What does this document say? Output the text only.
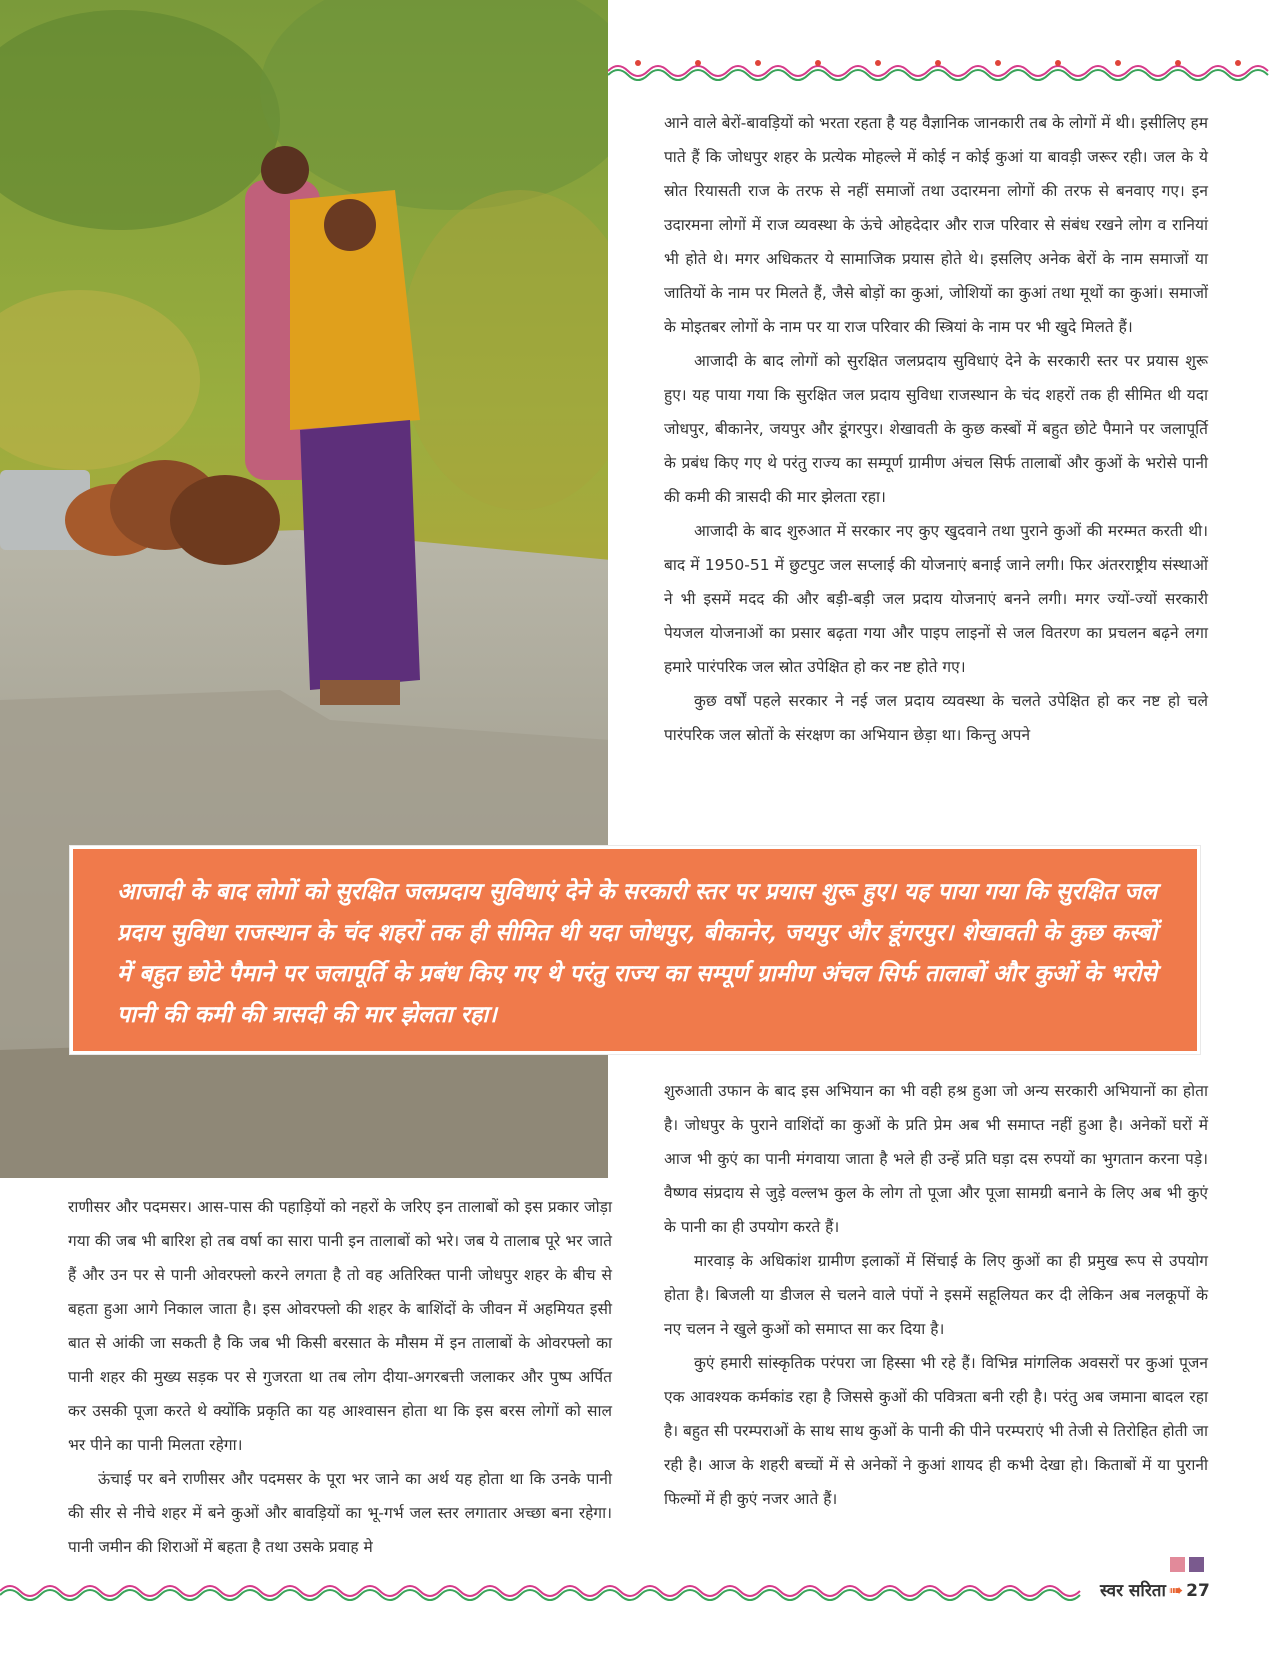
आने वाले बेरों-बावड़ियों को भरता रहता है यह वैज्ञानिक जानकारी तब के लोगों में थी। इसीलिए हम पाते हैं कि जोधपुर शहर के प्रत्येक मोहल्ले में कोई न कोई कुआं या बावड़ी जरूर रही। जल के ये स्रोत रियासती राज के तरफ से नहीं समाजों तथा उदारमना लोगों की तरफ से बनवाए गए। इन उदारमना लोगों में राज व्यवस्था के ऊंचे ओहदेदार और राज परिवार से संबंध रखने लोग व रानियां भी होते थे। मगर अधिकतर ये सामाजिक प्रयास होते थे। इसलिए अनेक बेरों के नाम समाजों या जातियों के नाम पर मिलते हैं, जैसे बोड़ों का कुआं, जोशियों का कुआं तथा मूथों का कुआं। समाजों के मोइतबर लोगों के नाम पर या राज परिवार की स्त्रियां के नाम पर भी खुदे मिलते हैं।

आजादी के बाद लोगों को सुरक्षित जलप्रदाय सुविधाएं देने के सरकारी स्तर पर प्रयास शुरू हुए। यह पाया गया कि सुरक्षित जल प्रदाय सुविधा राजस्थान के चंद शहरों तक ही सीमित थी यदा जोधपुर, बीकानेर, जयपुर और डूंगरपुर। शेखावती के कुछ कस्बों में बहुत छोटे पैमाने पर जलापूर्ति के प्रबंध किए गए थे परंतु राज्य का सम्पूर्ण ग्रामीण अंचल सिर्फ तालाबों और कुओं के भरोसे पानी की कमी की त्रासदी की मार झेलता रहा।

आजादी के बाद शुरुआत में सरकार नए कुए खुदवाने तथा पुराने कुओं की मरम्मत करती थी। बाद में 1950-51 में छुटपुट जल सप्लाई की योजनाएं बनाई जाने लगी। फिर अंतरराष्ट्रीय संस्थाओं ने भी इसमें मदद की और बड़ी-बड़ी जल प्रदाय योजनाएं बनने लगी। मगर ज्यों-ज्यों सरकारी पेयजल योजनाओं का प्रसार बढ़ता गया और पाइप लाइनों से जल वितरण का प्रचलन बढ़ने लगा हमारे पारंपरिक जल स्रोत उपेक्षित हो कर नष्ट होते गए।

कुछ वर्षों पहले सरकार ने नई जल प्रदाय व्यवस्था के चलते उपेक्षित हो कर नष्ट हो चले पारंपरिक जल स्रोतों के संरक्षण का अभियान छेड़ा था। किन्तु अपने

आजादी के बाद लोगों को सुरक्षित जलप्रदाय सुविधाएं देने के सरकारी स्तर पर प्रयास शुरू हुए। यह पाया गया कि सुरक्षित जल प्रदाय सुविधा राजस्थान के चंद शहरों तक ही सीमित थी यदा जोधपुर, बीकानेर, जयपुर और डूंगरपुर। शेखावती के कुछ कस्बों में बहुत छोटे पैमाने पर जलापूर्ति के प्रबंध किए गए थे परंतु राज्य का सम्पूर्ण ग्रामीण अंचल सिर्फ तालाबों और कुओं के भरोसे पानी की कमी की त्रासदी की मार झेलता रहा।

शुरुआती उफान के बाद इस अभियान का भी वही हश्र हुआ जो अन्य सरकारी अभियानों का होता है। जोधपुर के पुराने वाशिंदों का कुओं के प्रति प्रेम अब भी समाप्त नहीं हुआ है। अनेकों घरों में आज भी कुएं का पानी मंगवाया जाता है भले ही उन्हें प्रति घड़ा दस रुपयों का भुगतान करना पड़े। वैष्णव संप्रदाय से जुड़े वल्लभ कुल के लोग तो पूजा और पूजा सामग्री बनाने के लिए अब भी कुएं के पानी का ही उपयोग करते हैं।

मारवाड़ के अधिकांश ग्रामीण इलाकों में सिंचाई के लिए कुओं का ही प्रमुख रूप से उपयोग होता है। बिजली या डीजल से चलने वाले पंपों ने इसमें सहूलियत कर दी लेकिन अब नलकूपों के नए चलन ने खुले कुओं को समाप्त सा कर दिया है।

कुएं हमारी सांस्कृतिक परंपरा जा हिस्सा भी रहे हैं। विभिन्न मांगलिक अवसरों पर कुआं पूजन एक आवश्यक कर्मकांड रहा है जिससे कुओं की पवित्रता बनी रही है। परंतु अब जमाना बादल रहा है। बहुत सी परम्पराओं के साथ साथ कुओं के पानी की पीने परम्पराएं भी तेजी से तिरोहित होती जा रही है। आज के शहरी बच्चों में से अनेकों ने कुआं शायद ही कभी देखा हो। किताबों में या पुरानी फिल्मों में ही कुएं नजर आते हैं।

राणीसर और पदमसर। आस-पास की पहाड़ियों को नहरों के जरिए इन तालाबों को इस प्रकार जोड़ा गया की जब भी बारिश हो तब वर्षा का सारा पानी इन तालाबों को भरे। जब ये तालाब पूरे भर जाते हैं और उन पर से पानी ओवरफ्लो करने लगता है तो वह अतिरिक्त पानी जोधपुर शहर के बीच से बहता हुआ आगे निकाल जाता है। इस ओवरफ्लो की शहर के बाशिंदों के जीवन में अहमियत इसी बात से आंकी जा सकती है कि जब भी किसी बरसात के मौसम में इन तालाबों के ओवरफ्लो का पानी शहर की मुख्य सड़क पर से गुजरता था तब लोग दीया-अगरबत्ती जलाकर और पुष्प अर्पित कर उसकी पूजा करते थे क्योंकि प्रकृति का यह आश्वासन होता था कि इस बरस लोगों को साल भर पीने का पानी मिलता रहेगा।

ऊंचाई पर बने राणीसर और पदमसर के पूरा भर जाने का अर्थ यह होता था कि उनके पानी की सीर से नीचे शहर में बने कुओं और बावड़ियों का भू-गर्भ जल स्तर लगातार अच्छा बना रहेगा। पानी जमीन की शिराओं में बहता है तथा उसके प्रवाह मे

स्वर सरिता ➠ 27
